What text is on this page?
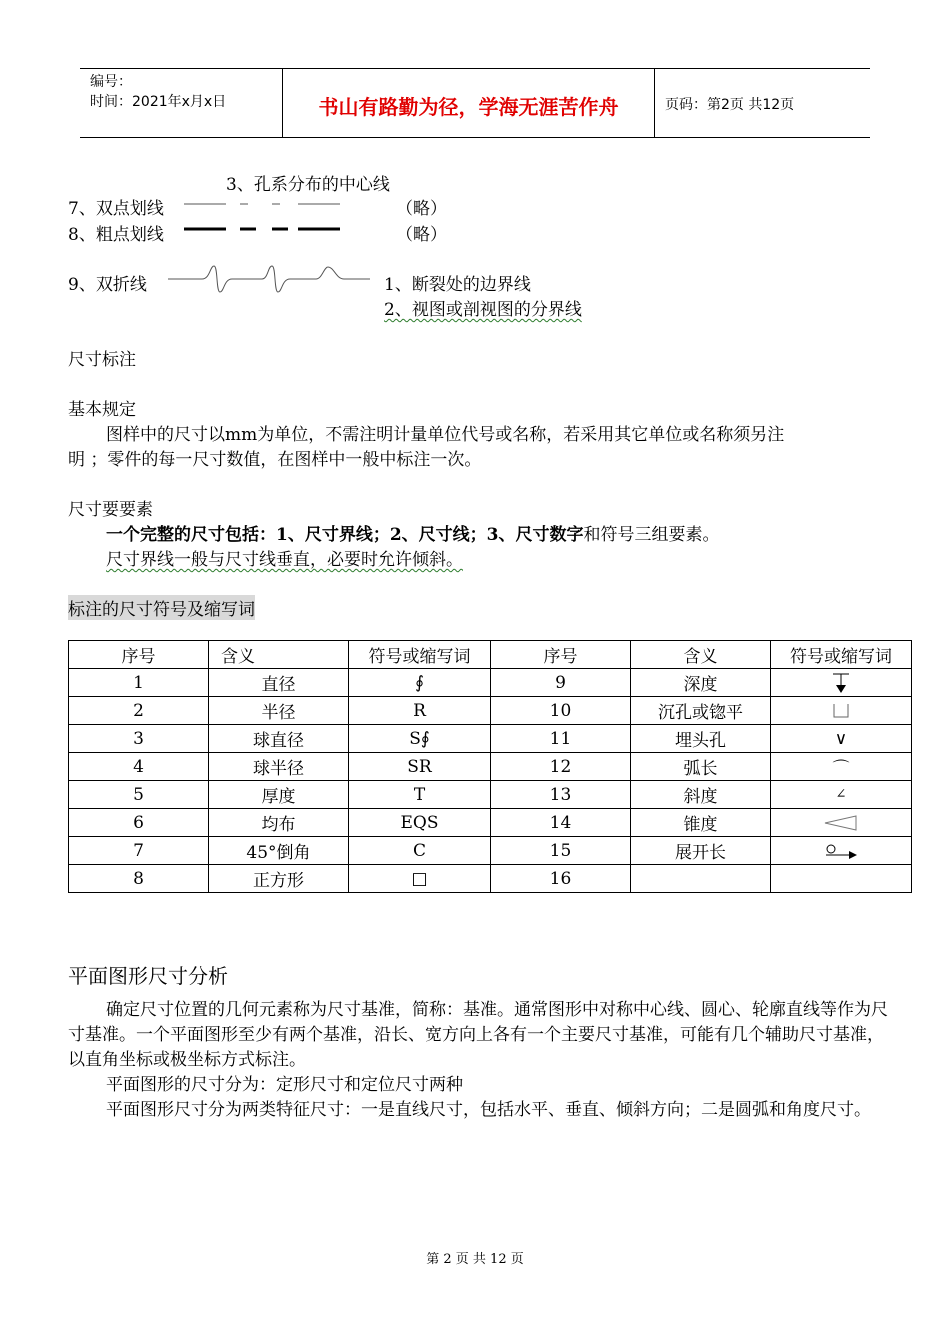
编号：
时间：2021年x月x日	书山有路勤为径，学海无涯苦作舟	页码：第2页 共12页
3、孔系分布的中心线
7、双点划线	（略）
8、粗点划线	（略）
9、双折线	1、断裂处的边界线
2、视图或剖视图的分界线
尺寸标注
基本规定
图样中的尺寸以mm为单位，不需注明计量单位代号或名称，若采用其它单位或名称须另注
明 ；零件的每一尺寸数值，在图样中一般中标注一次。
尺寸要要素
一个完整的尺寸包括：1、尺寸界线；2、尺寸线；3、尺寸数字和符号三组要素。
尺寸界线一般与尺寸线垂直，必要时允许倾斜。
标注的尺寸符号及缩写词
序号	含义	符号或缩写词	序号	含义	符号或缩写词
1	直径	∮	9	深度	
2	半径	R	10	沉孔或锪平	
3	球直径	S∮	11	埋头孔	∨
4	球半径	SR	12	弧长	⌒
5	厚度	T	13	斜度	∠
6	均布	EQS	14	锥度	
7	45°倒角	C	15	展开长	
8	正方形	□	16		
平面图形尺寸分析
确定尺寸位置的几何元素称为尺寸基准，简称：基准。通常图形中对称中心线、圆心、轮廓直线等作为尺寸基准。一个平面图形至少有两个基准，沿长、宽方向上各有一个主要尺寸基准，可能有几个辅助尺寸基准，以直角坐标或极坐标方式标注。
平面图形的尺寸分为：定形尺寸和定位尺寸两种
平面图形尺寸分为两类特征尺寸：一是直线尺寸，包括水平、垂直、倾斜方向；二是圆弧和角度尺寸。
第 2 页 共 12 页
